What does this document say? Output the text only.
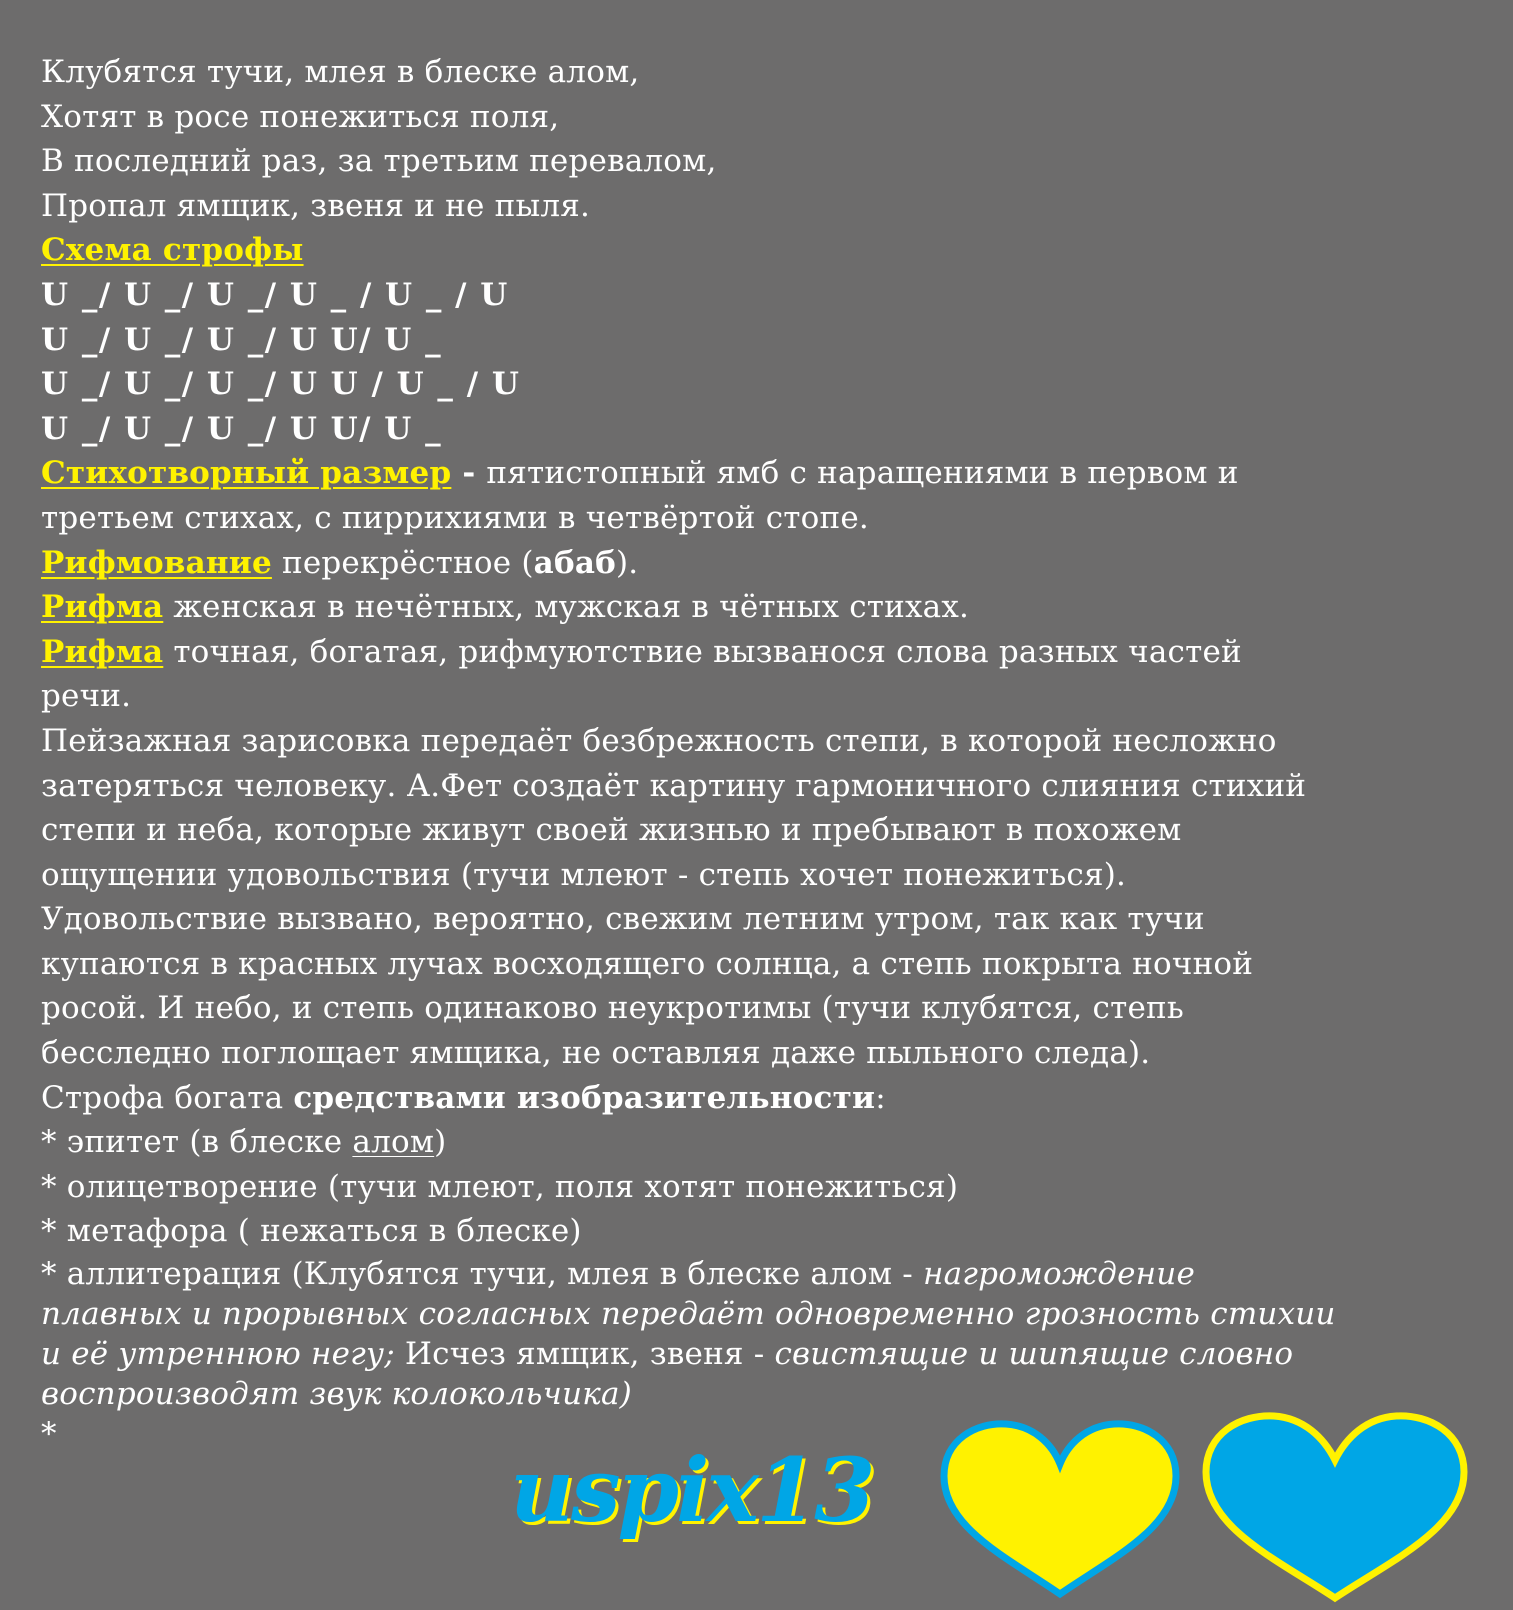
Клубятся тучи, млея в блеске алом,
Хотят в росе понежиться поля,
В последний раз, за третьим перевалом,
Пропал ямщик, звеня и не пыля.
Схема строфы
U _/ U _/ U _/ U _ / U _ / U
U _/ U _/ U _/ U U/ U _
U _/ U _/ U _/ U U / U _ / U
U _/ U _/ U _/ U U/ U _
Стихотворный размер - пятистопный ямб с наращениями в первом и
третьем стихах, с пиррихиями в четвёртой стопе.
Рифмование перекрёстное (абаб).
Рифма женская в нечётных, мужская в чётных стихах.
Рифма точная, богатая, рифмуютствие вызванося слова разных частей
речи.
Пейзажная зарисовка передаёт безбрежность степи, в которой несложно
затеряться человеку. А.Фет создаёт картину гармоничного слияния стихий
степи и неба, которые живут своей жизнью и пребывают в похожем
ощущении удовольствия (тучи млеют - степь хочет понежиться).
Удовольствие вызвано, вероятно, свежим летним утром, так как тучи
купаются в красных лучах восходящего солнца, а степь покрыта ночной
росой. И небо, и степь одинаково неукротимы (тучи клубятся, степь
бесследно поглощает ямщика, не оставляя даже пыльного следа).
Строфа богата средствами изобразительности:
* эпитет (в блеске алом)
* олицетворение (тучи млеют, поля хотят понежиться)
* метафора ( нежаться в блеске)
* аллитерация (Клубятся тучи, млея в блеске алом - нагромождение
плавных и прорывных согласных передаёт одновременно грозность стихии
и её утреннюю негу; Исчез ямщик, звеня - свистящие и шипящие словно
воспроизводят звук колокольчика)
*
uspix13
